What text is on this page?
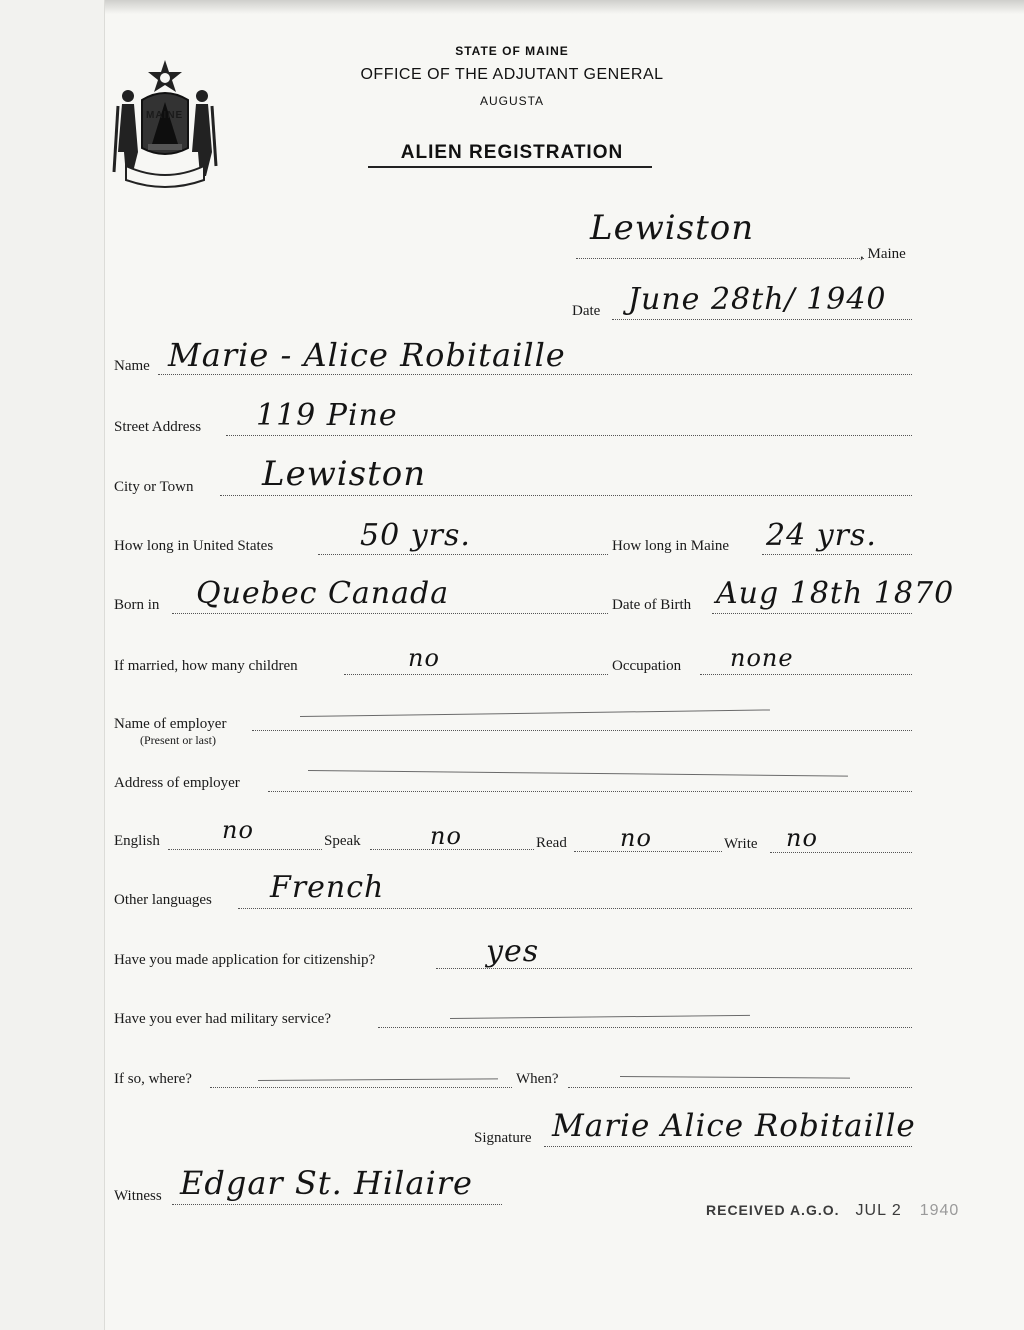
STATE OF MAINE
OFFICE OF THE ADJUTANT GENERAL
AUGUSTA
ALIEN REGISTRATION
MAINE
Lewiston
, Maine
Date June 28th/ 1940
Name Marie - Alice Robitaille
Street Address 119 Pine
City or Town Lewiston
How long in United States	50 yrs.	How long in Maine 24 yrs.
Born in Quebec Canada	Date of Birth Aug 18th 1870
If married, how many children	no	Occupation none
Name of employer
(Present or last)
Address of employer
English	no	Speak	no	Read no	Write no
Other languages French
Have you made application for citizenship?	yes
Have you ever had military service?
If so, where?	When?
Signature Marie Alice Robitaille
Witness Edgar St. Hilaire
RECEIVED A.G.O. JUL 2 1940
